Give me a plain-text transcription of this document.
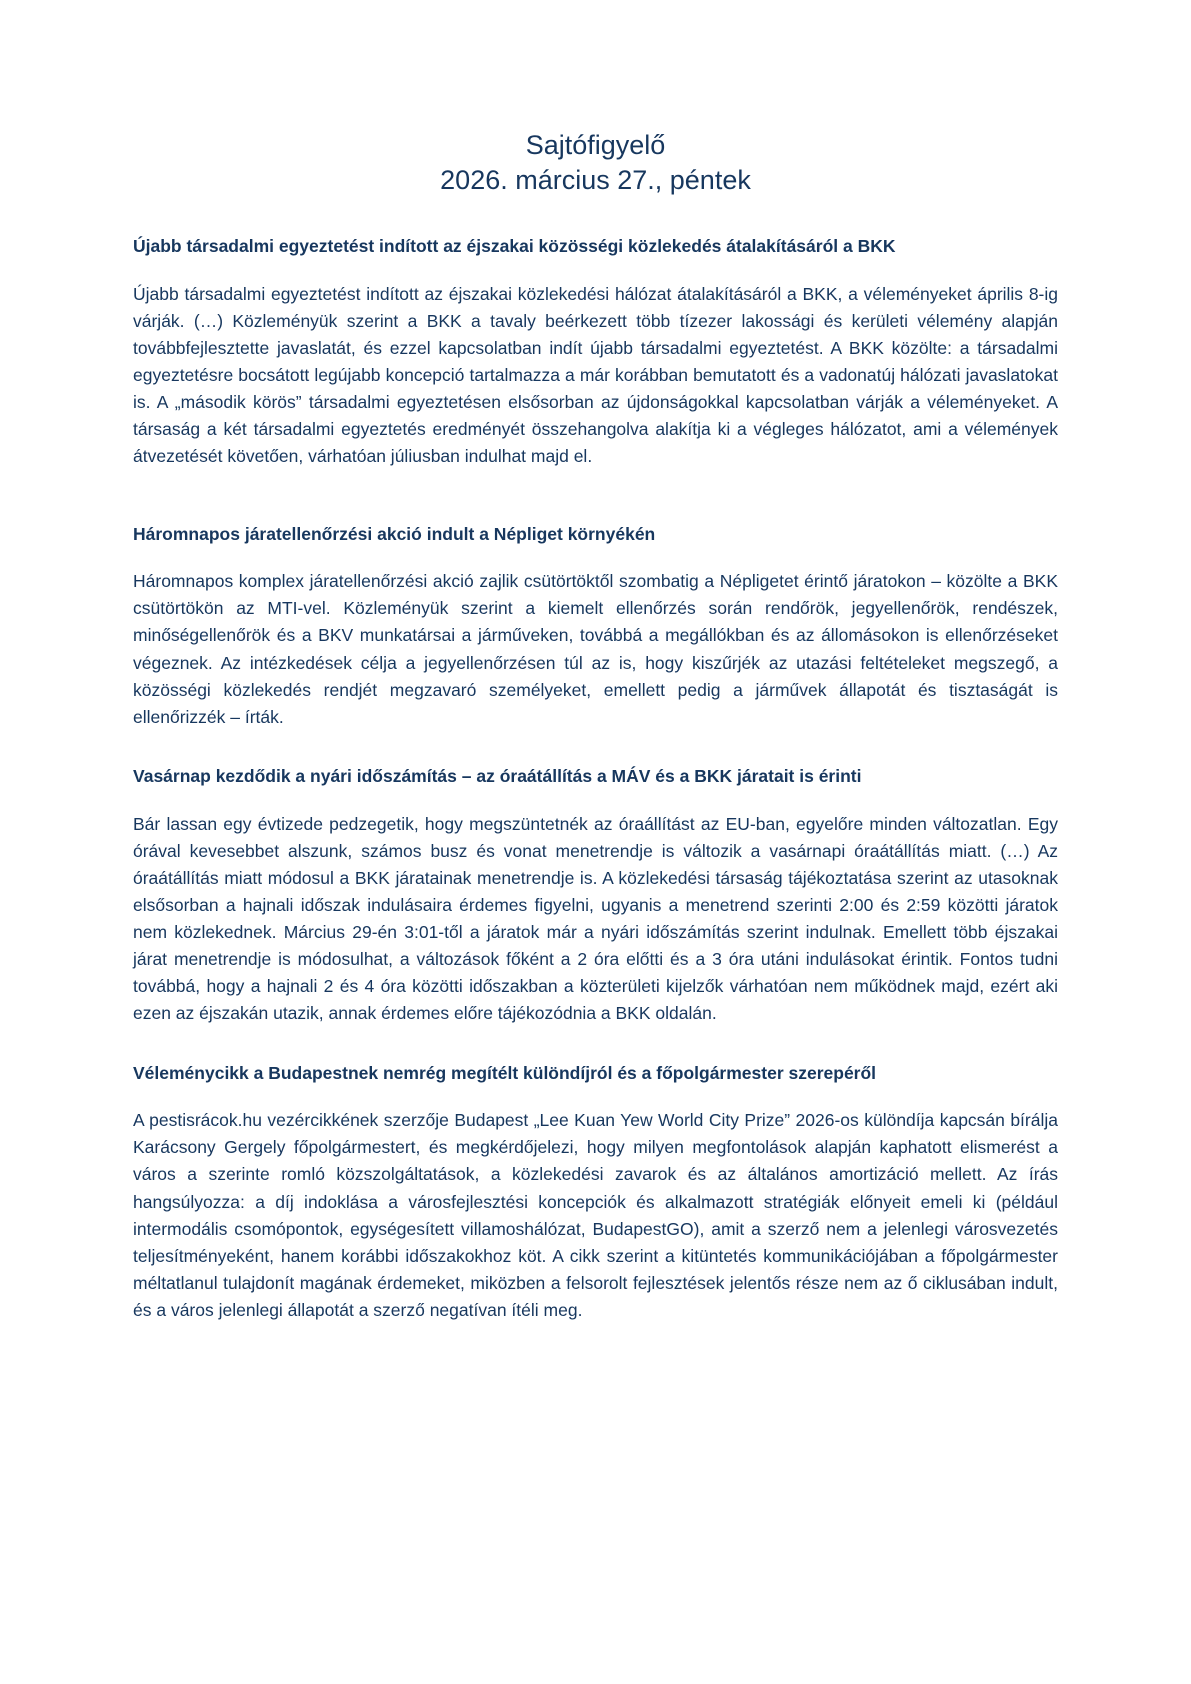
Sajtófigyelő
2026. március 27., péntek
Újabb társadalmi egyeztetést indított az éjszakai közösségi közlekedés átalakításáról a BKK

Újabb társadalmi egyeztetést indított az éjszakai közlekedési hálózat átalakításáról a BKK, a véleményeket április 8-ig várják. (…) Közleményük szerint a BKK a tavaly beérkezett több tízezer lakossági és kerületi vélemény alapján továbbfejlesztette javaslatát, és ezzel kapcsolatban indít újabb társadalmi egyeztetést. A BKK közölte: a társadalmi egyeztetésre bocsátott legújabb koncepció tartalmazza a már korábban bemutatott és a vadonatúj hálózati javaslatokat is. A „második körös” társadalmi egyeztetésen elsősorban az újdonságokkal kapcsolatban várják a véleményeket. A társaság a két társadalmi egyeztetés eredményét összehangolva alakítja ki a végleges hálózatot, ami a vélemények átvezetését követően, várhatóan júliusban indulhat majd el.

Háromnapos járatellenőrzési akció indult a Népliget környékén

Háromnapos komplex járatellenőrzési akció zajlik csütörtöktől szombatig a Népligetet érintő járatokon – közölte a BKK csütörtökön az MTI-vel. Közleményük szerint a kiemelt ellenőrzés során rendőrök, jegyellenőrök, rendészek, minőségellenőrök és a BKV munkatársai a járműveken, továbbá a megállókban és az állomásokon is ellenőrzéseket végeznek. Az intézkedések célja a jegyellenőrzésen túl az is, hogy kiszűrjék az utazási feltételeket megszegő, a közösségi közlekedés rendjét megzavaró személyeket, emellett pedig a járművek állapotát és tisztaságát is ellenőrizzék – írták.

Vasárnap kezdődik a nyári időszámítás – az óraátállítás a MÁV és a BKK járatait is érinti

Bár lassan egy évtizede pedzegetik, hogy megszüntetnék az óraállítást az EU-ban, egyelőre minden változatlan. Egy órával kevesebbet alszunk, számos busz és vonat menetrendje is változik a vasárnapi óraátállítás miatt. (…) Az óraátállítás miatt módosul a BKK járatainak menetrendje is. A közlekedési társaság tájékoztatása szerint az utasoknak elsősorban a hajnali időszak indulásaira érdemes figyelni, ugyanis a menetrend szerinti 2:00 és 2:59 közötti járatok nem közlekednek. Március 29-én 3:01-től a járatok már a nyári időszámítás szerint indulnak. Emellett több éjszakai járat menetrendje is módosulhat, a változások főként a 2 óra előtti és a 3 óra utáni indulásokat érintik. Fontos tudni továbbá, hogy a hajnali 2 és 4 óra közötti időszakban a közterületi kijelzők várhatóan nem működnek majd, ezért aki ezen az éjszakán utazik, annak érdemes előre tájékozódnia a BKK oldalán.

Véleménycikk a Budapestnek nemrég megítélt különdíjról és a főpolgármester szerepéről

A pestisrácok.hu vezércikkének szerzője Budapest „Lee Kuan Yew World City Prize” 2026-os különdíja kapcsán bírálja Karácsony Gergely főpolgármestert, és megkérdőjelezi, hogy milyen megfontolások alapján kaphatott elismerést a város a szerinte romló közszolgáltatások, a közlekedési zavarok és az általános amortizáció mellett. Az írás hangsúlyozza: a díj indoklása a városfejlesztési koncepciók és alkalmazott stratégiák előnyeit emeli ki (például intermodális csomópontok, egységesített villamoshálózat, BudapestGO), amit a szerző nem a jelenlegi városvezetés teljesítményeként, hanem korábbi időszakokhoz köt. A cikk szerint a kitüntetés kommunikációjában a főpolgármester méltatlanul tulajdonít magának érdemeket, miközben a felsorolt fejlesztések jelentős része nem az ő ciklusában indult, és a város jelenlegi állapotát a szerző negatívan ítéli meg.
